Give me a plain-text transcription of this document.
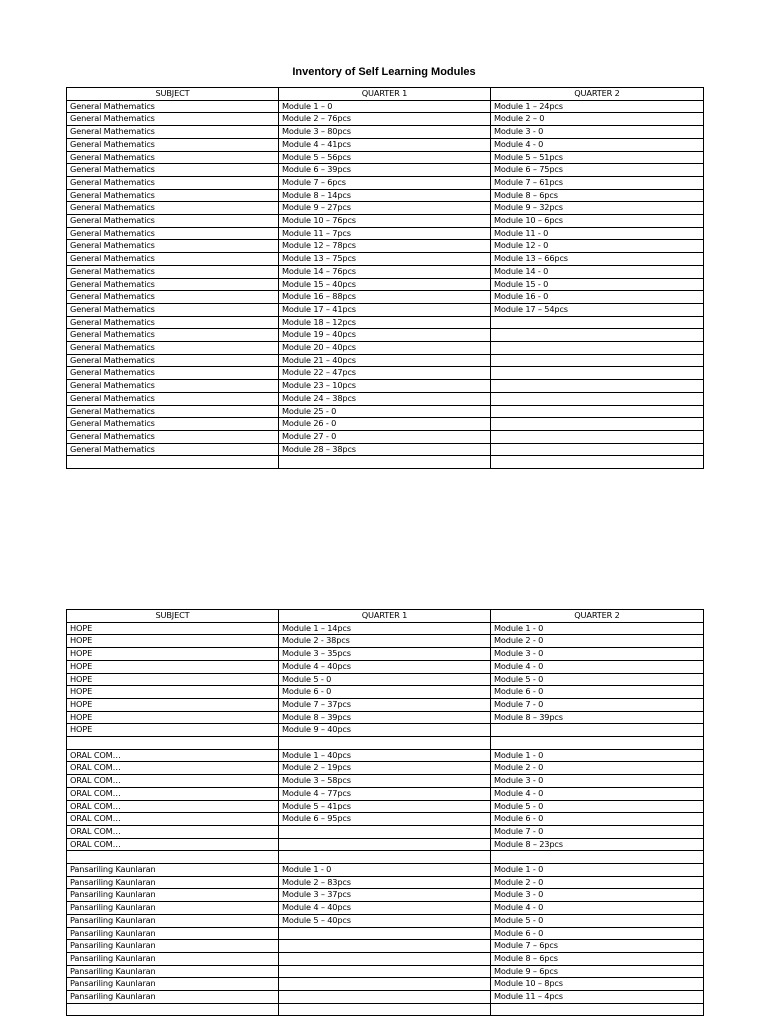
Inventory of Self Learning Modules
SUBJECT	QUARTER 1	QUARTER 2
General Mathematics	Module 1 – 0	Module 1 – 24pcs
General Mathematics	Module 2 – 76pcs	Module 2 – 0
General Mathematics	Module 3 – 80pcs	Module 3 - 0
General Mathematics	Module 4 – 41pcs	Module 4 - 0
General Mathematics	Module 5 – 56pcs	Module 5 – 51pcs
General Mathematics	Module 6 – 39pcs	Module 6 – 75pcs
General Mathematics	Module 7 – 6pcs	Module 7 – 61pcs
General Mathematics	Module 8 – 14pcs	Module 8 – 6pcs
General Mathematics	Module 9 – 27pcs	Module 9 – 32pcs
General Mathematics	Module 10 – 76pcs	Module 10 – 6pcs
General Mathematics	Module 11 – 7pcs	Module 11 - 0
General Mathematics	Module 12 – 78pcs	Module 12 - 0
General Mathematics	Module 13 – 75pcs	Module 13 – 66pcs
General Mathematics	Module 14 – 76pcs	Module 14 - 0
General Mathematics	Module 15 – 40pcs	Module 15 - 0
General Mathematics	Module 16 – 88pcs	Module 16 - 0
General Mathematics	Module 17 – 41pcs	Module 17 – 54pcs
General Mathematics	Module 18 – 12pcs	
General Mathematics	Module 19 – 40pcs	
General Mathematics	Module 20 – 40pcs	
General Mathematics	Module 21 – 40pcs	
General Mathematics	Module 22 – 47pcs	
General Mathematics	Module 23 – 10pcs	
General Mathematics	Module 24 – 38pcs	
General Mathematics	Module 25 - 0	
General Mathematics	Module 26 - 0	
General Mathematics	Module 27 - 0	
General Mathematics	Module 28 – 38pcs	

SUBJECT	QUARTER 1	QUARTER 2
HOPE	Module 1 – 14pcs	Module 1 - 0
HOPE	Module 2 - 38pcs	Module 2 - 0
HOPE	Module 3 – 35pcs	Module 3 - 0
HOPE	Module 4 – 40pcs	Module 4 - 0
HOPE	Module 5 - 0	Module 5 - 0
HOPE	Module 6 - 0	Module 6 - 0
HOPE	Module 7 – 37pcs	Module 7 - 0
HOPE	Module 8 – 39pcs	Module 8 – 39pcs
HOPE	Module 9 – 40pcs	

ORAL COM…	Module 1 – 40pcs	Module 1 - 0
ORAL COM…	Module 2 – 19pcs	Module 2 - 0
ORAL COM…	Module 3 – 58pcs	Module 3 - 0
ORAL COM…	Module 4 – 77pcs	Module 4 - 0
ORAL COM…	Module 5 – 41pcs	Module 5 - 0
ORAL COM…	Module 6 – 95pcs	Module 6 - 0
ORAL COM…		Module 7 - 0
ORAL COM…		Module 8 – 23pcs

Pansariling Kaunlaran	Module 1 - 0	Module 1 - 0
Pansariling Kaunlaran	Module 2 – 83pcs	Module 2 - 0
Pansariling Kaunlaran	Module 3 – 37pcs	Module 3 - 0
Pansariling Kaunlaran	Module 4 – 40pcs	Module 4 - 0
Pansariling Kaunlaran	Module 5 – 40pcs	Module 5 - 0
Pansariling Kaunlaran		Module 6 - 0
Pansariling Kaunlaran		Module 7 – 6pcs
Pansariling Kaunlaran		Module 8 – 6pcs
Pansariling Kaunlaran		Module 9 – 6pcs
Pansariling Kaunlaran		Module 10 – 8pcs
Pansariling Kaunlaran		Module 11 – 4pcs
